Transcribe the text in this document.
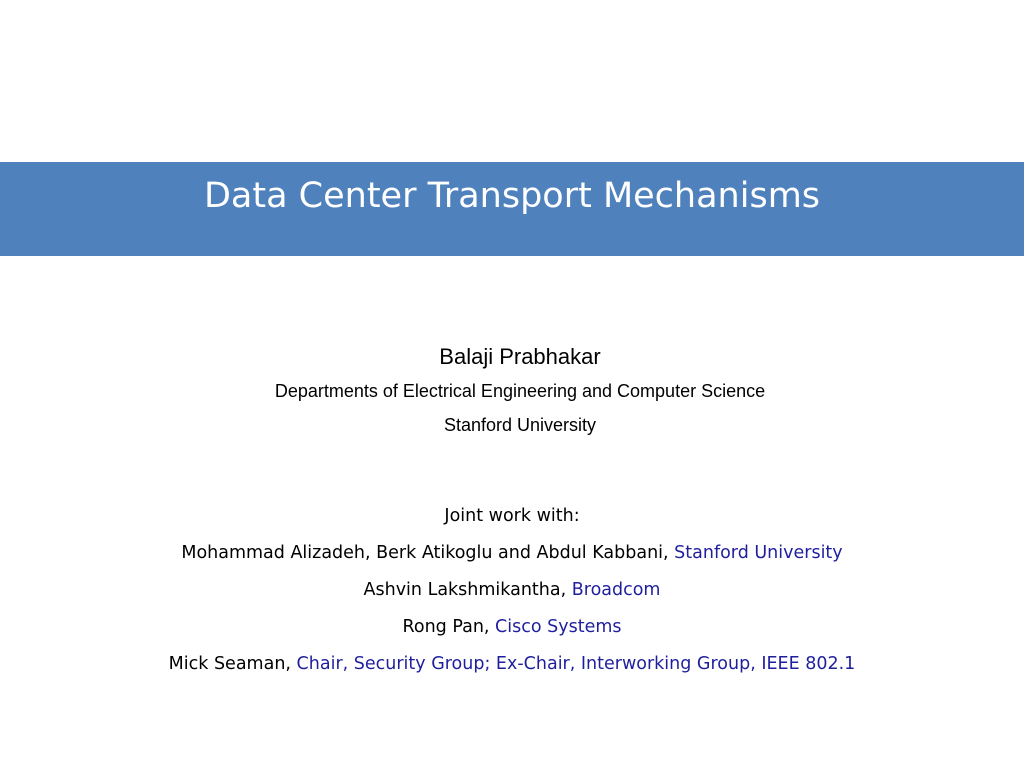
Data Center Transport Mechanisms
Balaji Prabhakar
Departments of Electrical Engineering and Computer Science
Stanford University
Joint work with:
Mohammad Alizadeh, Berk Atikoglu and Abdul Kabbani, Stanford University
Ashvin Lakshmikantha, Broadcom
Rong Pan, Cisco Systems
Mick Seaman, Chair, Security Group; Ex-Chair, Interworking Group, IEEE 802.1
